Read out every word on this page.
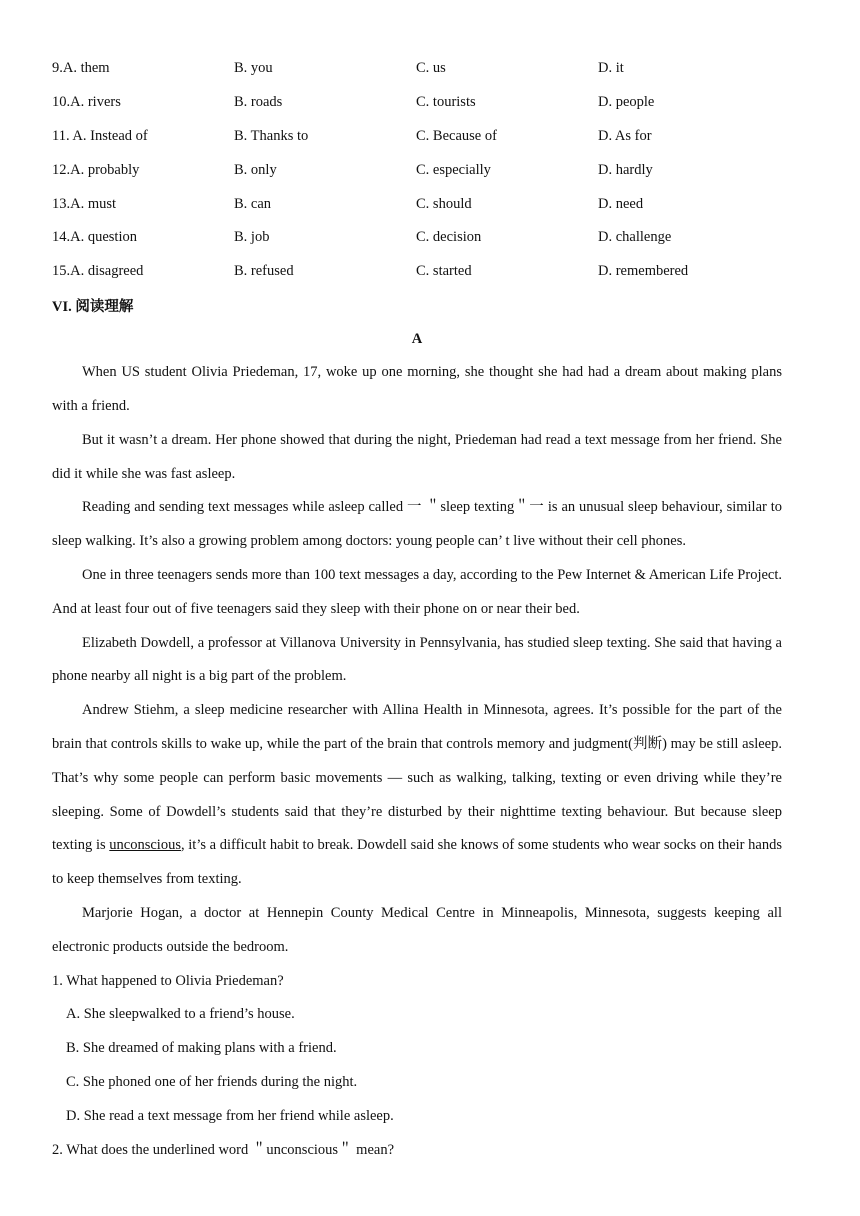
9.A. them	B. you	C. us	D. it
10.A. rivers	B. roads	C. tourists	D. people
11. A. Instead of	B. Thanks to	C. Because of	D. As for
12.A. probably	B. only	C. especially	D. hardly
13.A. must	B. can	C. should	D. need
14.A. question	B. job	C. decision	D. challenge
15.A. disagreed	B. refused	C. started	D. remembered
VI. 阅读理解
A

When US student Olivia Priedeman, 17, woke up one morning, she thought she had had a dream about making plans with a friend.

But it wasn’t a dream. Her phone showed that during the night, Priedeman had read a text message from her friend. She did it while she was fast asleep.

Reading and sending text messages while asleep called 一 ＂sleep texting＂一 is an unusual sleep behaviour, similar to sleep walking. It’s also a growing problem among doctors: young people can’ t live without their cell phones.

One in three teenagers sends more than 100 text messages a day, according to the Pew Internet & American Life Project. And at least four out of five teenagers said they sleep with their phone on or near their bed.

Elizabeth Dowdell, a professor at Villanova University in Pennsylvania, has studied sleep texting. She said that having a phone nearby all night is a big part of the problem.

Andrew Stiehm, a sleep medicine researcher with Allina Health in Minnesota, agrees. It’s possible for the part of the brain that controls skills to wake up, while the part of the brain that controls memory and judgment(判断) may be still asleep. That’s why some people can perform basic movements — such as walking, talking, texting or even driving while they’re sleeping. Some of Dowdell’s students said that they’re disturbed by their nighttime texting behaviour. But because sleep texting is unconscious, it’s a difficult habit to break. Dowdell said she knows of some students who wear socks on their hands to keep themselves from texting.

Marjorie Hogan, a doctor at Hennepin County Medical Centre in Minneapolis, Minnesota, suggests keeping all electronic products outside the bedroom.

1. What happened to Olivia Priedeman?

A. She sleepwalked to a friend’s house.

B. She dreamed of making plans with a friend.

C. She phoned one of her friends during the night.

D. She read a text message from her friend while asleep.

2. What does the underlined word ＂unconscious＂ mean?
